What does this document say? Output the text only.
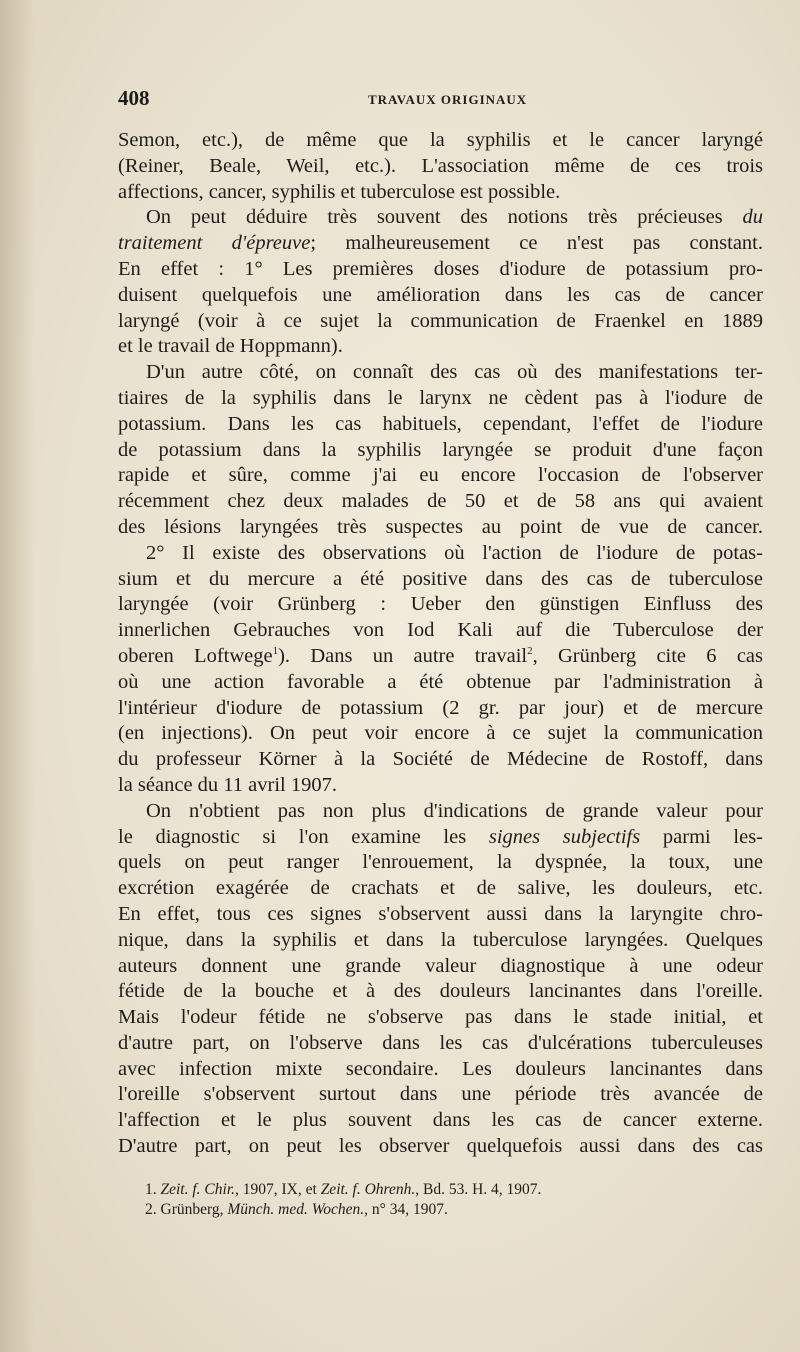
408	TRAVAUX ORIGINAUX
Semon, etc.), de même que la syphilis et le cancer laryngé
(Reiner, Beale, Weil, etc.). L'association même de ces trois
affections, cancer, syphilis et tuberculose est possible.
On peut déduire très souvent des notions très précieuses du
traitement d'épreuve; malheureusement ce n'est pas constant.
En effet : 1° Les premières doses d'iodure de potassium pro-
duisent quelquefois une amélioration dans les cas de cancer
laryngé (voir à ce sujet la communication de Fraenkel en 1889
et le travail de Hoppmann).
D'un autre côté, on connaît des cas où des manifestations ter-
tiaires de la syphilis dans le larynx ne cèdent pas à l'iodure de
potassium. Dans les cas habituels, cependant, l'effet de l'iodure
de potassium dans la syphilis laryngée se produit d'une façon
rapide et sûre, comme j'ai eu encore l'occasion de l'observer
récemment chez deux malades de 50 et de 58 ans qui avaient
des lésions laryngées très suspectes au point de vue de cancer.
2° Il existe des observations où l'action de l'iodure de potas-
sium et du mercure a été positive dans des cas de tuberculose
laryngée (voir Grünberg : Ueber den günstigen Einfluss des
innerlichen Gebrauches von Iod Kali auf die Tuberculose der
oberen Loftwege$^1$). Dans un autre travail$^2$, Grünberg cite 6 cas
où une action favorable a été obtenue par l'administration à
l'intérieur d'iodure de potassium (2 gr. par jour) et de mercure
(en injections). On peut voir encore à ce sujet la communication
du professeur Körner à la Société de Médecine de Rostoff, dans
la séance du 11 avril 1907.
On n'obtient pas non plus d'indications de grande valeur pour
le diagnostic si l'on examine les signes subjectifs parmi les-
quels on peut ranger l'enrouement, la dyspnée, la toux, une
excrétion exagérée de crachats et de salive, les douleurs, etc.
En effet, tous ces signes s'observent aussi dans la laryngite chro-
nique, dans la syphilis et dans la tuberculose laryngées. Quelques
auteurs donnent une grande valeur diagnostique à une odeur
fétide de la bouche et à des douleurs lancinantes dans l'oreille.
Mais l'odeur fétide ne s'observe pas dans le stade initial, et
d'autre part, on l'observe dans les cas d'ulcérations tuberculeuses
avec infection mixte secondaire. Les douleurs lancinantes dans
l'oreille s'observent surtout dans une période très avancée de
l'affection et le plus souvent dans les cas de cancer externe.
D'autre part, on peut les observer quelquefois aussi dans des cas
1. Zeit. f. Chir., 1907, IX, et Zeit. f. Ohrenh., Bd. 53. H. 4, 1907.
2. Grünberg, Münch. med. Wochen., n° 34, 1907.
